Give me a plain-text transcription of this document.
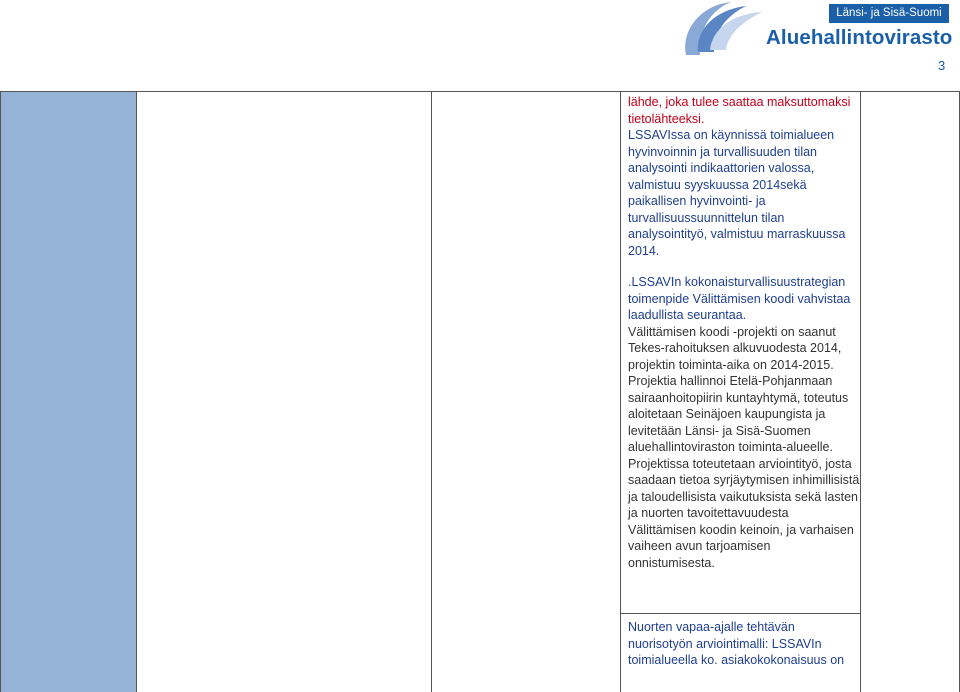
Länsi- ja Sisä-Suomi
Aluehallintovirasto
3

lähde, joka tulee saattaa maksuttomaksi tietolähteeksi.

LSSAVIssa on käynnissä toimialueen hyvinvoinnin ja turvallisuuden tilan analysointi indikaattorien valossa, valmistuu syyskuussa 2014sekä paikallisen hyvinvointi- ja turvallisuussuunnittelun tilan analysointityö, valmistuu marraskuussa 2014.

.LSSAVIn kokonaisturvallisuustrategian toimenpide Välittämisen koodi vahvistaa laadullista seurantaa.

Välittämisen koodi -projekti on saanut Tekes-rahoituksen alkuvuodesta 2014, projektin toiminta-aika on 2014-2015.

Projektia hallinnoi Etelä-Pohjanmaan sairaanhoitopiirin kuntayhtymä, toteutus aloitetaan Seinäjoen kaupungista ja levitetään Länsi- ja Sisä-Suomen aluehallintoviraston toiminta-alueelle. Projektissa toteutetaan arviointityö, josta saadaan tietoa syrjäytymisen inhimillisistä ja taloudellisista vaikutuksista sekä lasten ja nuorten tavoitettavuudesta Välittämisen koodin keinoin, ja varhaisen vaiheen avun tarjoamisen onnistumisesta.

Nuorten vapaa-ajalle tehtävän nuorisotyön arviointimalli: LSSAVIn toimialueella ko. asiakokokonaisuus on
